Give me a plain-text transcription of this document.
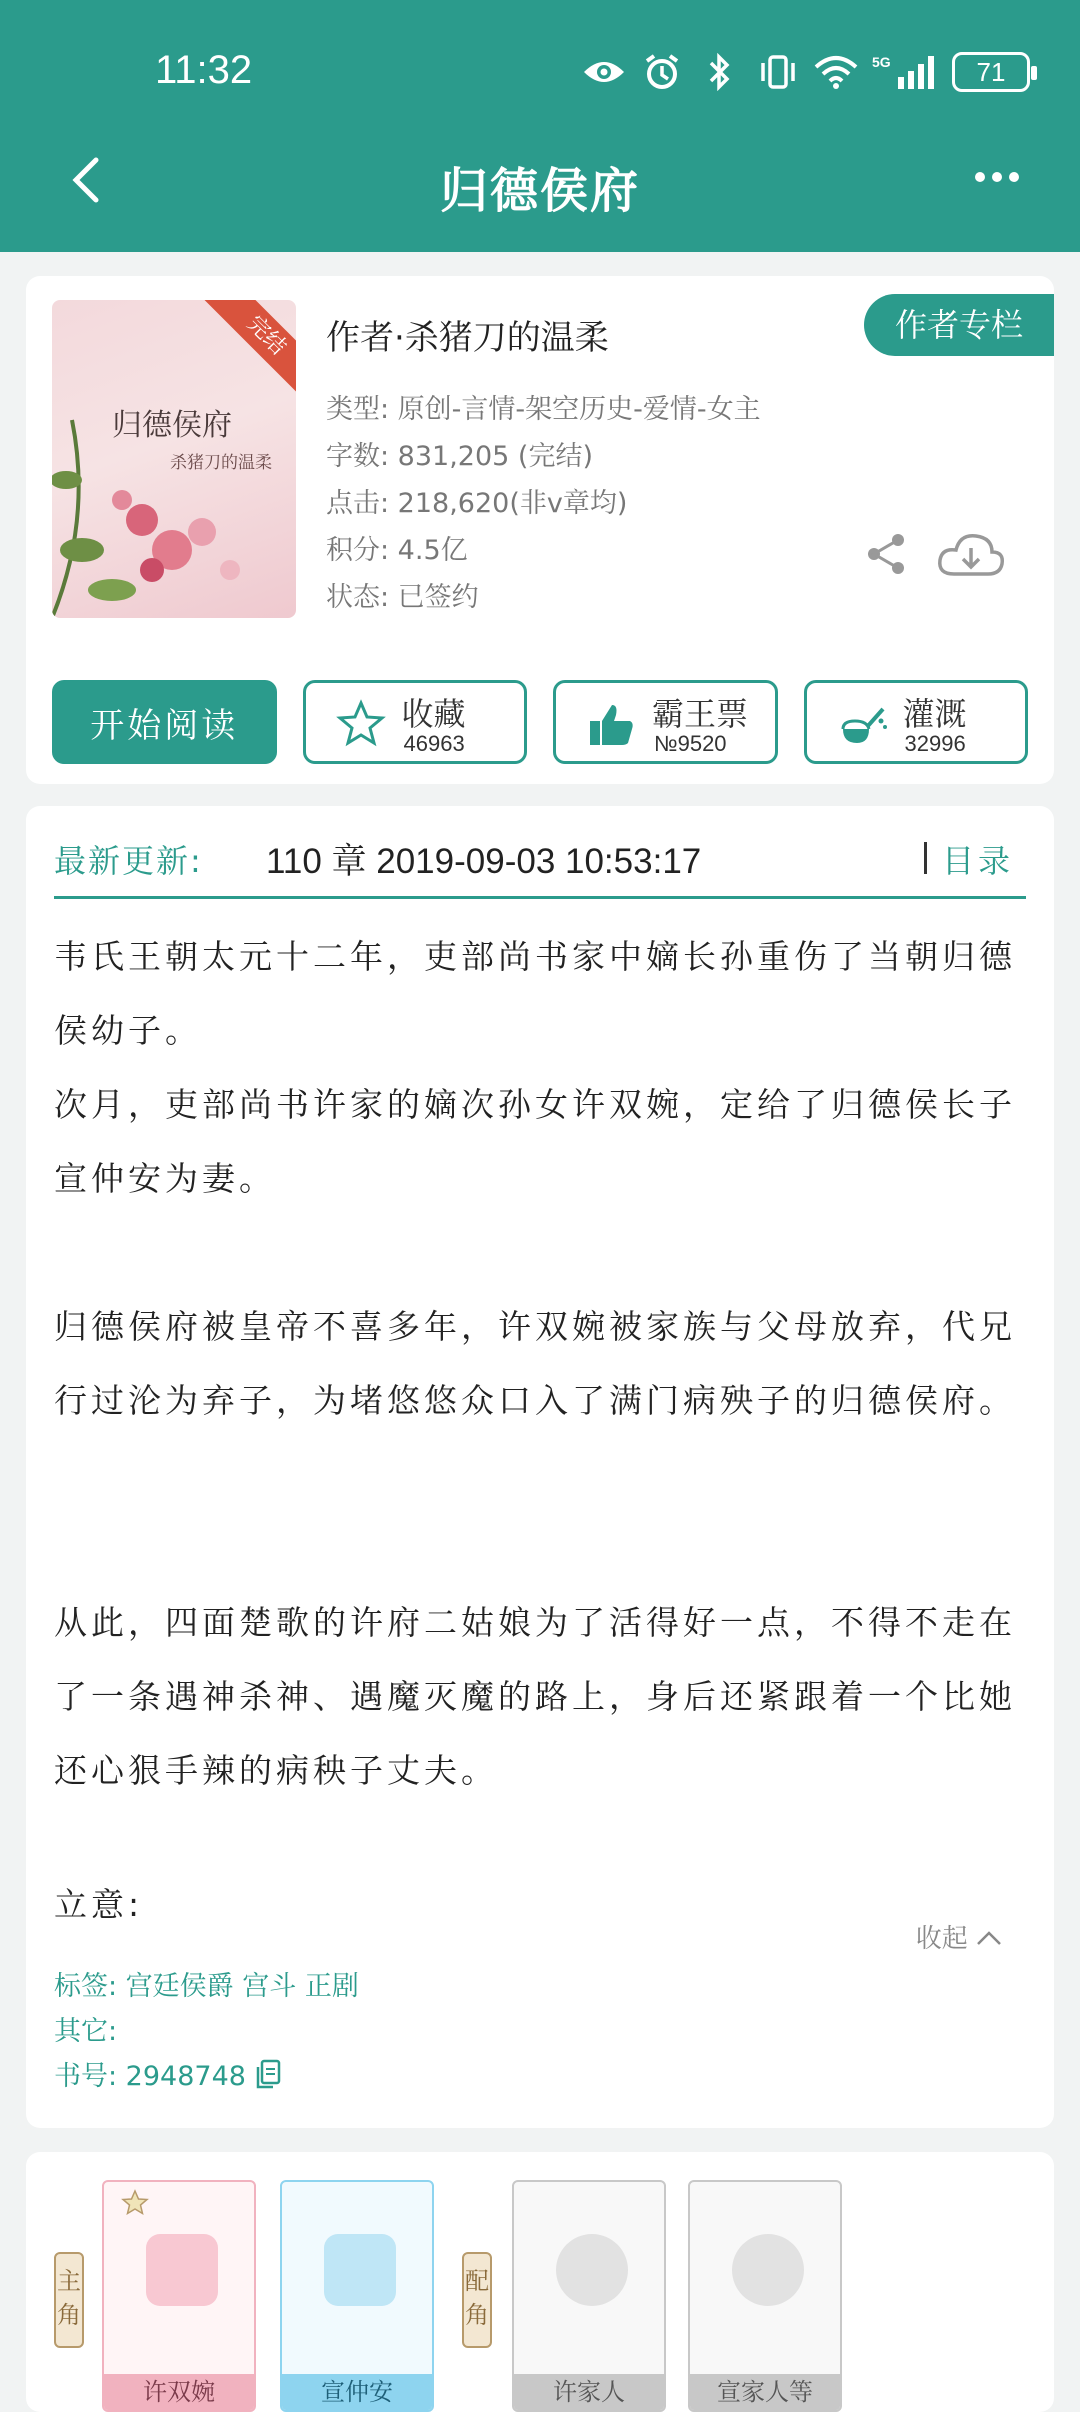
11:32	5G	71
归德侯府
归德侯府
杀猪刀的温柔
完结	作者·杀猪刀的温柔	作者专栏
类型: 原创-言情-架空历史-爱情-女主
字数: 831,205 (完结)
点击: 218,620(非v章均)
积分: 4.5亿
状态: 已签约
开始阅读	收藏
46963
霸王票
№9520
灌溉
32996
最新更新: 110 章 2019-09-03 10:53:17	目录
韦氏王朝太元十二年，吏部尚书家中嫡长孙重伤了当朝归德侯幼子。
次月，吏部尚书许家的嫡次孙女许双婉，定给了归德侯长子宣仲安为妻。
归德侯府被皇帝不喜多年，许双婉被家族与父母放弃，代兄行过沦为弃子，为堵悠悠众口入了满门病殃子的归德侯府。
从此，四面楚歌的许府二姑娘为了活得好一点，不得不走在了一条遇神杀神、遇魔灭魔的路上，身后还紧跟着一个比她还心狠手辣的病秧子丈夫。
立意:
收起
标签: 宫廷侯爵 宫斗 正剧
其它:
书号: 2948748
主角
许双婉	宣仲安
配角
许家人	宣家人等
